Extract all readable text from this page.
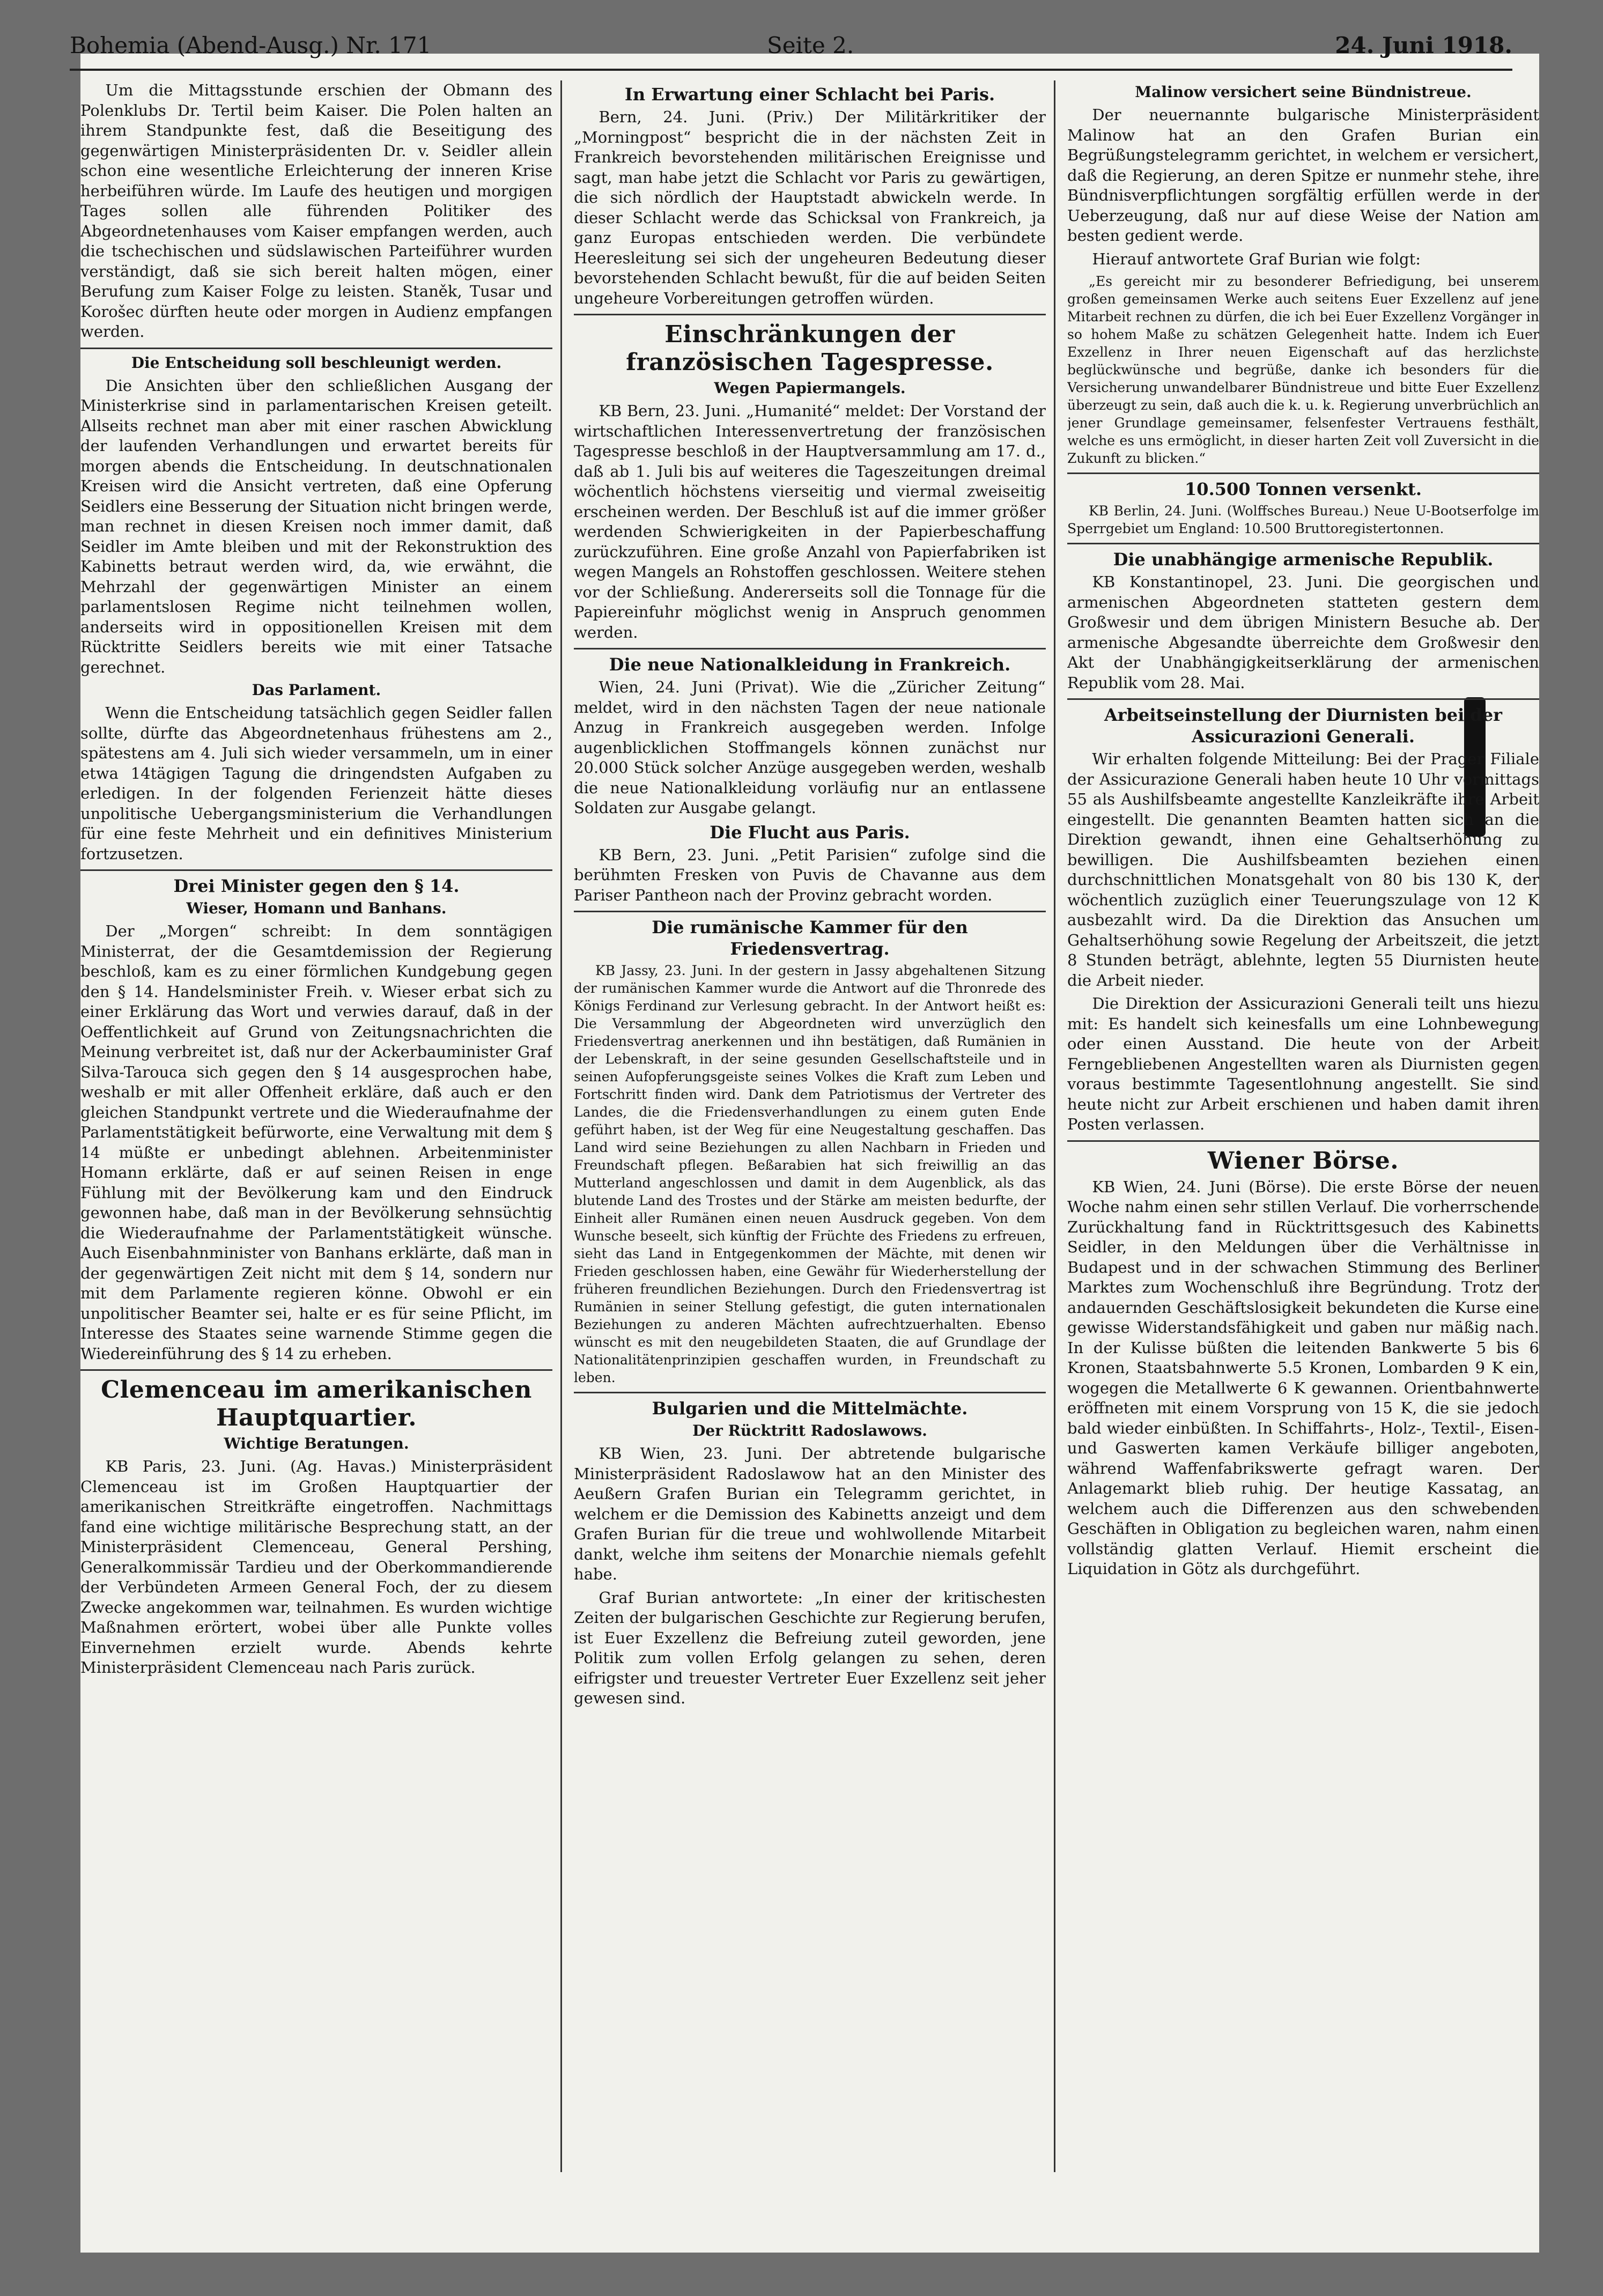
Bohemia (Abend-Ausg.) Nr. 171	Seite 2.	24. Juni 1918.

Um die Mittagsstunde erschien der Obmann des Polenklubs Dr. Tertil beim Kaiser. Die Polen halten an ihrem Standpunkte fest, daß die Beseitigung des gegenwärtigen Ministerpräsidenten Dr. v. Seidler allein schon eine wesentliche Erleichterung der inneren Krise herbeiführen würde. Im Laufe des heutigen und morgigen Tages sollen alle führenden Politiker des Abgeordnetenhauses vom Kaiser empfangen werden, auch die tschechischen und südslawischen Parteiführer wurden verständigt, daß sie sich bereit halten mögen, einer Berufung zum Kaiser Folge zu leisten. Staněk, Tusar und Korošec dürften heute oder morgen in Audienz empfangen werden.

Die Entscheidung soll beschleunigt werden.

Die Ansichten über den schließlichen Ausgang der Ministerkrise sind in parlamentarischen Kreisen geteilt. Allseits rechnet man aber mit einer raschen Abwicklung der laufenden Verhandlungen und erwartet bereits für morgen abends die Entscheidung. In deutschnationalen Kreisen wird die Ansicht vertreten, daß eine Opferung Seidlers eine Besserung der Situation nicht bringen werde, man rechnet in diesen Kreisen noch immer damit, daß Seidler im Amte bleiben und mit der Rekonstruktion des Kabinetts betraut werden wird, da, wie erwähnt, die Mehrzahl der gegenwärtigen Minister an einem parlamentslosen Regime nicht teilnehmen wollen, anderseits wird in oppositionellen Kreisen mit dem Rücktritte Seidlers bereits wie mit einer Tatsache gerechnet.

Das Parlament.

Wenn die Entscheidung tatsächlich gegen Seidler fallen sollte, dürfte das Abgeordnetenhaus frühestens am 2., spätestens am 4. Juli sich wieder versammeln, um in einer etwa 14tägigen Tagung die dringendsten Aufgaben zu erledigen. In der folgenden Ferienzeit hätte dieses unpolitische Uebergangsministerium die Verhandlungen für eine feste Mehrheit und ein definitives Ministerium fortzusetzen.

Drei Minister gegen den § 14.
Wieser, Homann und Banhans.

Der „Morgen“ schreibt: In dem sonntägigen Ministerrat, der die Gesamtdemission der Regierung beschloß, kam es zu einer förmlichen Kundgebung gegen den § 14. Handelsminister Freih. v. Wieser erbat sich zu einer Erklärung das Wort und verwies darauf, daß in der Oeffentlichkeit auf Grund von Zeitungsnachrichten die Meinung verbreitet ist, daß nur der Ackerbauminister Graf Silva-Tarouca sich gegen den § 14 ausgesprochen habe, weshalb er mit aller Offenheit erkläre, daß auch er den gleichen Standpunkt vertrete und die Wiederaufnahme der Parlamentstätigkeit befürworte, eine Verwaltung mit dem § 14 müßte er unbedingt ablehnen. Arbeitenminister Homann erklärte, daß er auf seinen Reisen in enge Fühlung mit der Bevölkerung kam und den Eindruck gewonnen habe, daß man in der Bevölkerung sehnsüchtig die Wiederaufnahme der Parlamentstätigkeit wünsche. Auch Eisenbahnminister von Banhans erklärte, daß man in der gegenwärtigen Zeit nicht mit dem § 14, sondern nur mit dem Parlamente regieren könne. Obwohl er ein unpolitischer Beamter sei, halte er es für seine Pflicht, im Interesse des Staates seine warnende Stimme gegen die Wiedereinführung des § 14 zu erheben.

Clemenceau im amerikanischen Hauptquartier.
Wichtige Beratungen.

KB Paris, 23. Juni. (Ag. Havas.) Ministerpräsident Clemenceau ist im Großen Hauptquartier der amerikanischen Streitkräfte eingetroffen. Nachmittags fand eine wichtige militärische Besprechung statt, an der Ministerpräsident Clemenceau, General Pershing, Generalkommissär Tardieu und der Oberkommandierende der Verbündeten Armeen General Foch, der zu diesem Zwecke angekommen war, teilnahmen. Es wurden wichtige Maßnahmen erörtert, wobei über alle Punkte volles Einvernehmen erzielt wurde. Abends kehrte Ministerpräsident Clemenceau nach Paris zurück.

In Erwartung einer Schlacht bei Paris.

Bern, 24. Juni. (Priv.) Der Militärkritiker der „Morningpost“ bespricht die in der nächsten Zeit in Frankreich bevorstehenden militärischen Ereignisse und sagt, man habe jetzt die Schlacht vor Paris zu gewärtigen, die sich nördlich der Hauptstadt abwickeln werde. In dieser Schlacht werde das Schicksal von Frankreich, ja ganz Europas entschieden werden. Die verbündete Heeresleitung sei sich der ungeheuren Bedeutung dieser bevorstehenden Schlacht bewußt, für die auf beiden Seiten ungeheure Vorbereitungen getroffen würden.

Einschränkungen der französischen Tagespresse.
Wegen Papiermangels.

KB Bern, 23. Juni. „Humanité“ meldet: Der Vorstand der wirtschaftlichen Interessenvertretung der französischen Tagespresse beschloß in der Hauptversammlung am 17. d., daß ab 1. Juli bis auf weiteres die Tageszeitungen dreimal wöchentlich höchstens vierseitig und viermal zweiseitig erscheinen werden. Der Beschluß ist auf die immer größer werdenden Schwierigkeiten in der Papierbeschaffung zurückzuführen. Eine große Anzahl von Papierfabriken ist wegen Mangels an Rohstoffen geschlossen. Weitere stehen vor der Schließung. Andererseits soll die Tonnage für die Papiereinfuhr möglichst wenig in Anspruch genommen werden.

Die neue Nationalkleidung in Frankreich.

Wien, 24. Juni (Privat). Wie die „Züricher Zeitung“ meldet, wird in den nächsten Tagen der neue nationale Anzug in Frankreich ausgegeben werden. Infolge augenblicklichen Stoffmangels können zunächst nur 20.000 Stück solcher Anzüge ausgegeben werden, weshalb die neue Nationalkleidung vorläufig nur an entlassene Soldaten zur Ausgabe gelangt.

Die Flucht aus Paris.

KB Bern, 23. Juni. „Petit Parisien“ zufolge sind die berühmten Fresken von Puvis de Chavanne aus dem Pariser Pantheon nach der Provinz gebracht worden.

Die rumänische Kammer für den Friedensvertrag.

KB Jassy, 23. Juni. In der gestern in Jassy abgehaltenen Sitzung der rumänischen Kammer wurde die Antwort auf die Thronrede des Königs Ferdinand zur Verlesung gebracht. In der Antwort heißt es: Die Versammlung der Abgeordneten wird unverzüglich den Friedensvertrag anerkennen und ihn bestätigen, daß Rumänien in der Lebenskraft, in der seine gesunden Gesellschaftsteile und in seinen Aufopferungsgeiste seines Volkes die Kraft zum Leben und Fortschritt finden wird. Dank dem Patriotismus der Vertreter des Landes, die die Friedensverhandlungen zu einem guten Ende geführt haben, ist der Weg für eine Neugestaltung geschaffen. Das Land wird seine Beziehungen zu allen Nachbarn in Frieden und Freundschaft pflegen. Beßarabien hat sich freiwillig an das Mutterland angeschlossen und damit in dem Augenblick, als das blutende Land des Trostes und der Stärke am meisten bedurfte, der Einheit aller Rumänen einen neuen Ausdruck gegeben. Von dem Wunsche beseelt, sich künftig der Früchte des Friedens zu erfreuen, sieht das Land in Entgegenkommen der Mächte, mit denen wir Frieden geschlossen haben, eine Gewähr für Wiederherstellung der früheren freundlichen Beziehungen. Durch den Friedensvertrag ist Rumänien in seiner Stellung gefestigt, die guten internationalen Beziehungen zu anderen Mächten aufrechtzuerhalten. Ebenso wünscht es mit den neugebildeten Staaten, die auf Grundlage der Nationalitätenprinzipien geschaffen wurden, in Freundschaft zu leben.

Bulgarien und die Mittelmächte.
Der Rücktritt Radoslawows.

KB Wien, 23. Juni. Der abtretende bulgarische Ministerpräsident Radoslawow hat an den Minister des Aeußern Grafen Burian ein Telegramm gerichtet, in welchem er die Demission des Kabinetts anzeigt und dem Grafen Burian für die treue und wohlwollende Mitarbeit dankt, welche ihm seitens der Monarchie niemals gefehlt habe.

Graf Burian antwortete: „In einer der kritischesten Zeiten der bulgarischen Geschichte zur Regierung berufen, ist Euer Exzellenz die Befreiung zuteil geworden, jene Politik zum vollen Erfolg gelangen zu sehen, deren eifrigster und treuester Vertreter Euer Exzellenz seit jeher gewesen sind.

Malinow versichert seine Bündnistreue.

Der neuernannte bulgarische Ministerpräsident Malinow hat an den Grafen Burian ein Begrüßungstelegramm gerichtet, in welchem er versichert, daß die Regierung, an deren Spitze er nunmehr stehe, ihre Bündnisverpflichtungen sorgfältig erfüllen werde in der Ueberzeugung, daß nur auf diese Weise der Nation am besten gedient werde.

Hierauf antwortete Graf Burian wie folgt:

„Es gereicht mir zu besonderer Befriedigung, bei unserem großen gemeinsamen Werke auch seitens Euer Exzellenz auf jene Mitarbeit rechnen zu dürfen, die ich bei Euer Exzellenz Vorgänger in so hohem Maße zu schätzen Gelegenheit hatte. Indem ich Euer Exzellenz in Ihrer neuen Eigenschaft auf das herzlichste beglückwünsche und begrüße, danke ich besonders für die Versicherung unwandelbarer Bündnistreue und bitte Euer Exzellenz überzeugt zu sein, daß auch die k. u. k. Regierung unverbrüchlich an jener Grundlage gemeinsamer, felsenfester Vertrauens festhält, welche es uns ermöglicht, in dieser harten Zeit voll Zuversicht in die Zukunft zu blicken.“

10.500 Tonnen versenkt.

KB Berlin, 24. Juni. (Wolffsches Bureau.) Neue U-Bootserfolge im Sperrgebiet um England: 10.500 Bruttoregistertonnen.

Die unabhängige armenische Republik.

KB Konstantinopel, 23. Juni. Die georgischen und armenischen Abgeordneten statteten gestern dem Großwesir und dem übrigen Ministern Besuche ab. Der armenische Abgesandte überreichte dem Großwesir den Akt der Unabhängigkeitserklärung der armenischen Republik vom 28. Mai.

Arbeitseinstellung der Diurnisten bei der Assicurazioni Generali.

Wir erhalten folgende Mitteilung: Bei der Prager Filiale der Assicurazione Generali haben heute 10 Uhr vormittags 55 als Aushilfsbeamte angestellte Kanzleikräfte ihre Arbeit eingestellt. Die genannten Beamten hatten sich an die Direktion gewandt, ihnen eine Gehaltserhöhung zu bewilligen. Die Aushilfsbeamten beziehen einen durchschnittlichen Monatsgehalt von 80 bis 130 K, der wöchentlich zuzüglich einer Teuerungszulage von 12 K ausbezahlt wird. Da die Direktion das Ansuchen um Gehaltserhöhung sowie Regelung der Arbeitszeit, die jetzt 8 Stunden beträgt, ablehnte, legten 55 Diurnisten heute die Arbeit nieder.

Die Direktion der Assicurazioni Generali teilt uns hiezu mit: Es handelt sich keinesfalls um eine Lohnbewegung oder einen Ausstand. Die heute von der Arbeit Ferngebliebenen Angestellten waren als Diurnisten gegen voraus bestimmte Tagesentlohnung angestellt. Sie sind heute nicht zur Arbeit erschienen und haben damit ihren Posten verlassen.

Wiener Börse.

KB Wien, 24. Juni (Börse). Die erste Börse der neuen Woche nahm einen sehr stillen Verlauf. Die vorherrschende Zurückhaltung fand in Rücktrittsgesuch des Kabinetts Seidler, in den Meldungen über die Verhältnisse in Budapest und in der schwachen Stimmung des Berliner Marktes zum Wochenschluß ihre Begründung. Trotz der andauernden Geschäftslosigkeit bekundeten die Kurse eine gewisse Widerstandsfähigkeit und gaben nur mäßig nach. In der Kulisse büßten die leitenden Bankwerte 5 bis 6 Kronen, Staatsbahnwerte 5.5 Kronen, Lombarden 9 K ein, wogegen die Metallwerte 6 K gewannen. Orientbahnwerte eröffneten mit einem Vorsprung von 15 K, die sie jedoch bald wieder einbüßten. In Schiffahrts-, Holz-, Textil-, Eisen- und Gaswerten kamen Verkäufe billiger angeboten, während Waffenfabrikswerte gefragt waren. Der Anlagemarkt blieb ruhig. Der heutige Kassatag, an welchem auch die Differenzen aus den schwebenden Geschäften in Obligation zu begleichen waren, nahm einen vollständig glatten Verlauf. Hiemit erscheint die Liquidation in Götz als durchgeführt.
